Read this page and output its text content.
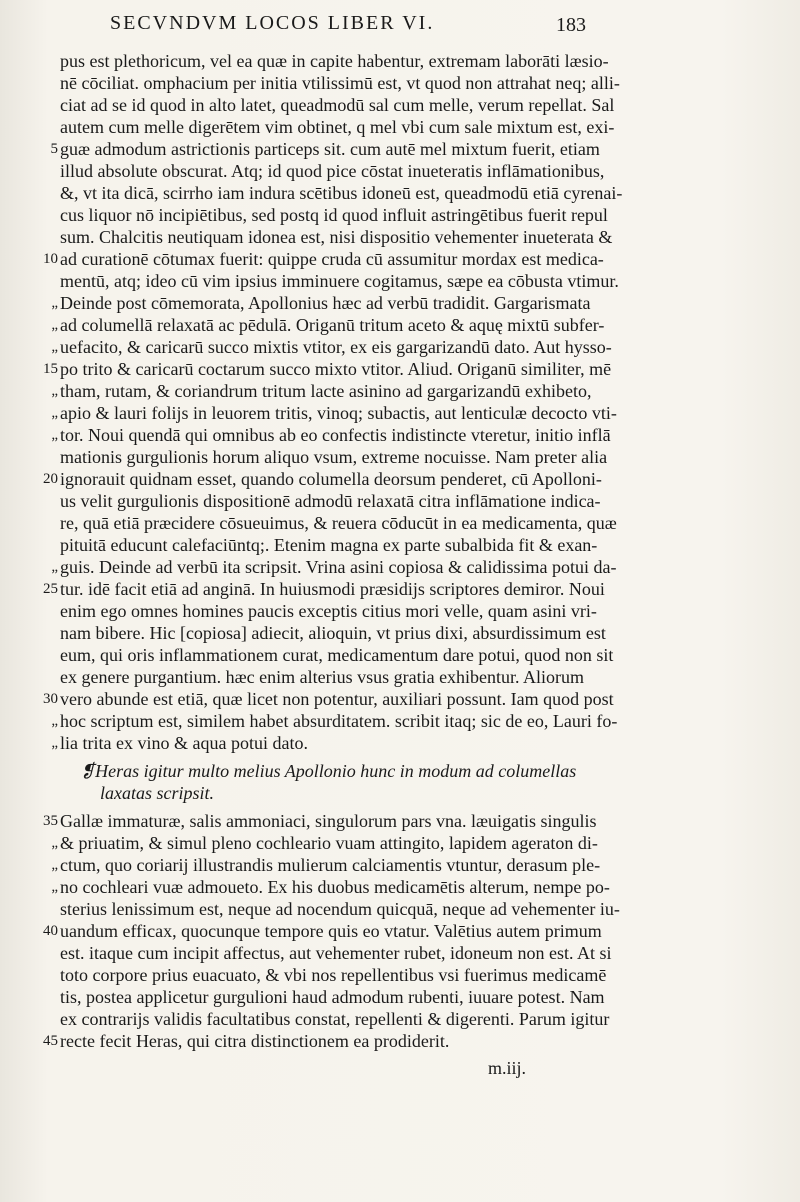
SECVNDVM LOCOS LIBER VI.	183
pus est plethoricum, vel ea quæ in capite habentur, extremam laborāti læsio-
nē cōciliat. omphacium per initia vtilissimū est, vt quod non attrahat neq; alli-
ciat ad se id quod in alto latet, queadmodū sal cum melle, verum repellat. Sal
autem cum melle digerētem vim obtinet, q mel vbi cum sale mixtum est, exi-
5 guæ admodum astrictionis particeps sit. cum autē mel mixtum fuerit, etiam
illud absolute obscurat. Atq; id quod pice cōstat inueteratis inflāmationibus,
&, vt ita dicā, scirrho iam indura scētibus idoneū est, queadmodū etiā cyrenai-
cus liquor nō incipiētibus, sed postq id quod influit astringētibus fuerit repul
sum. Chalcitis neutiquam idonea est, nisi dispositio vehementer inueterata &
10 ad curationē cōtumax fuerit: quippe cruda cū assumitur mordax est medica-
mentū, atq; ideo cū vim ipsius imminuere cogitamus, sæpe ea cōbusta vtimur.
„ Deinde post cōmemorata, Apollonius hæc ad verbū tradidit. Gargarismata
„ ad columellā relaxatā ac pēdulā. Origanū tritum aceto & aquę mixtū subfer-
„ uefacito, & caricarū succo mixtis vtitor, ex eis gargarizandū dato. Aut hysso-
15 po trito & caricarū coctarum succo mixto vtitor. Aliud. Origanū similiter, mē
„ tham, rutam, & coriandrum tritum lacte asinino ad gargarizandū exhibeto,
„ apio & lauri folijs in leuorem tritis, vinoq; subactis, aut lenticulæ decocto vti-
„ tor. Noui quendā qui omnibus ab eo confectis indistincte vteretur, initio inflā
mationis gurgulionis horum aliquo vsum, extreme nocuisse. Nam preter alia
20 ignorauit quidnam esset, quando columella deorsum penderet, cū Apolloni-
us velit gurgulionis dispositionē admodū relaxatā citra inflāmatione indica-
re, quā etiā præcidere cōsueuimus, & reuera cōducūt in ea medicamenta, quæ
pituitā educunt calefaciūntq;. Etenim magna ex parte subalbida fit & exan-
„ guis. Deinde ad verbū ita scripsit. Vrina asini copiosa & calidissima potui da-
25 tur. idē facit etiā ad anginā. In huiusmodi præsidijs scriptores demiror. Noui
enim ego omnes homines paucis exceptis citius mori velle, quam asini vri-
nam bibere. Hic [copiosa] adiecit, alioquin, vt prius dixi, absurdissimum est
eum, qui oris inflammationem curat, medicamentum dare potui, quod non sit
ex genere purgantium. hæc enim alterius vsus gratia exhibentur. Aliorum
30 vero abunde est etiā, quæ licet non potentur, auxiliari possunt. Iam quod post
„ hoc scriptum est, similem habet absurditatem. scribit itaq; sic de eo, Lauri fo-
„ lia trita ex vino & aqua potui dato.
❡Heras igitur multo melius Apollonio hunc in modum ad columellas
laxatas scripsit.
35 Gallæ immaturæ, salis ammoniaci, singulorum pars vna. læuigatis singulis
„ & priuatim, & simul pleno cochleario vuam attingito, lapidem ageraton di-
„ ctum, quo coriarij illustrandis mulierum calciamentis vtuntur, derasum ple-
„ no cochleari vuæ admoueto. Ex his duobus medicamētis alterum, nempe po-
sterius lenissimum est, neque ad nocendum quicquā, neque ad vehementer iu-
40 uandum efficax, quocunque tempore quis eo vtatur. Valētius autem primum
est. itaque cum incipit affectus, aut vehementer rubet, idoneum non est. At si
toto corpore prius euacuato, & vbi nos repellentibus vsi fuerimus medicamē
tis, postea applicetur gurgulioni haud admodum rubenti, iuuare potest. Nam
ex contrarijs validis facultatibus constat, repellenti & digerenti. Parum igitur
45 recte fecit Heras, qui citra distinctionem ea prodiderit.
m.iij.
